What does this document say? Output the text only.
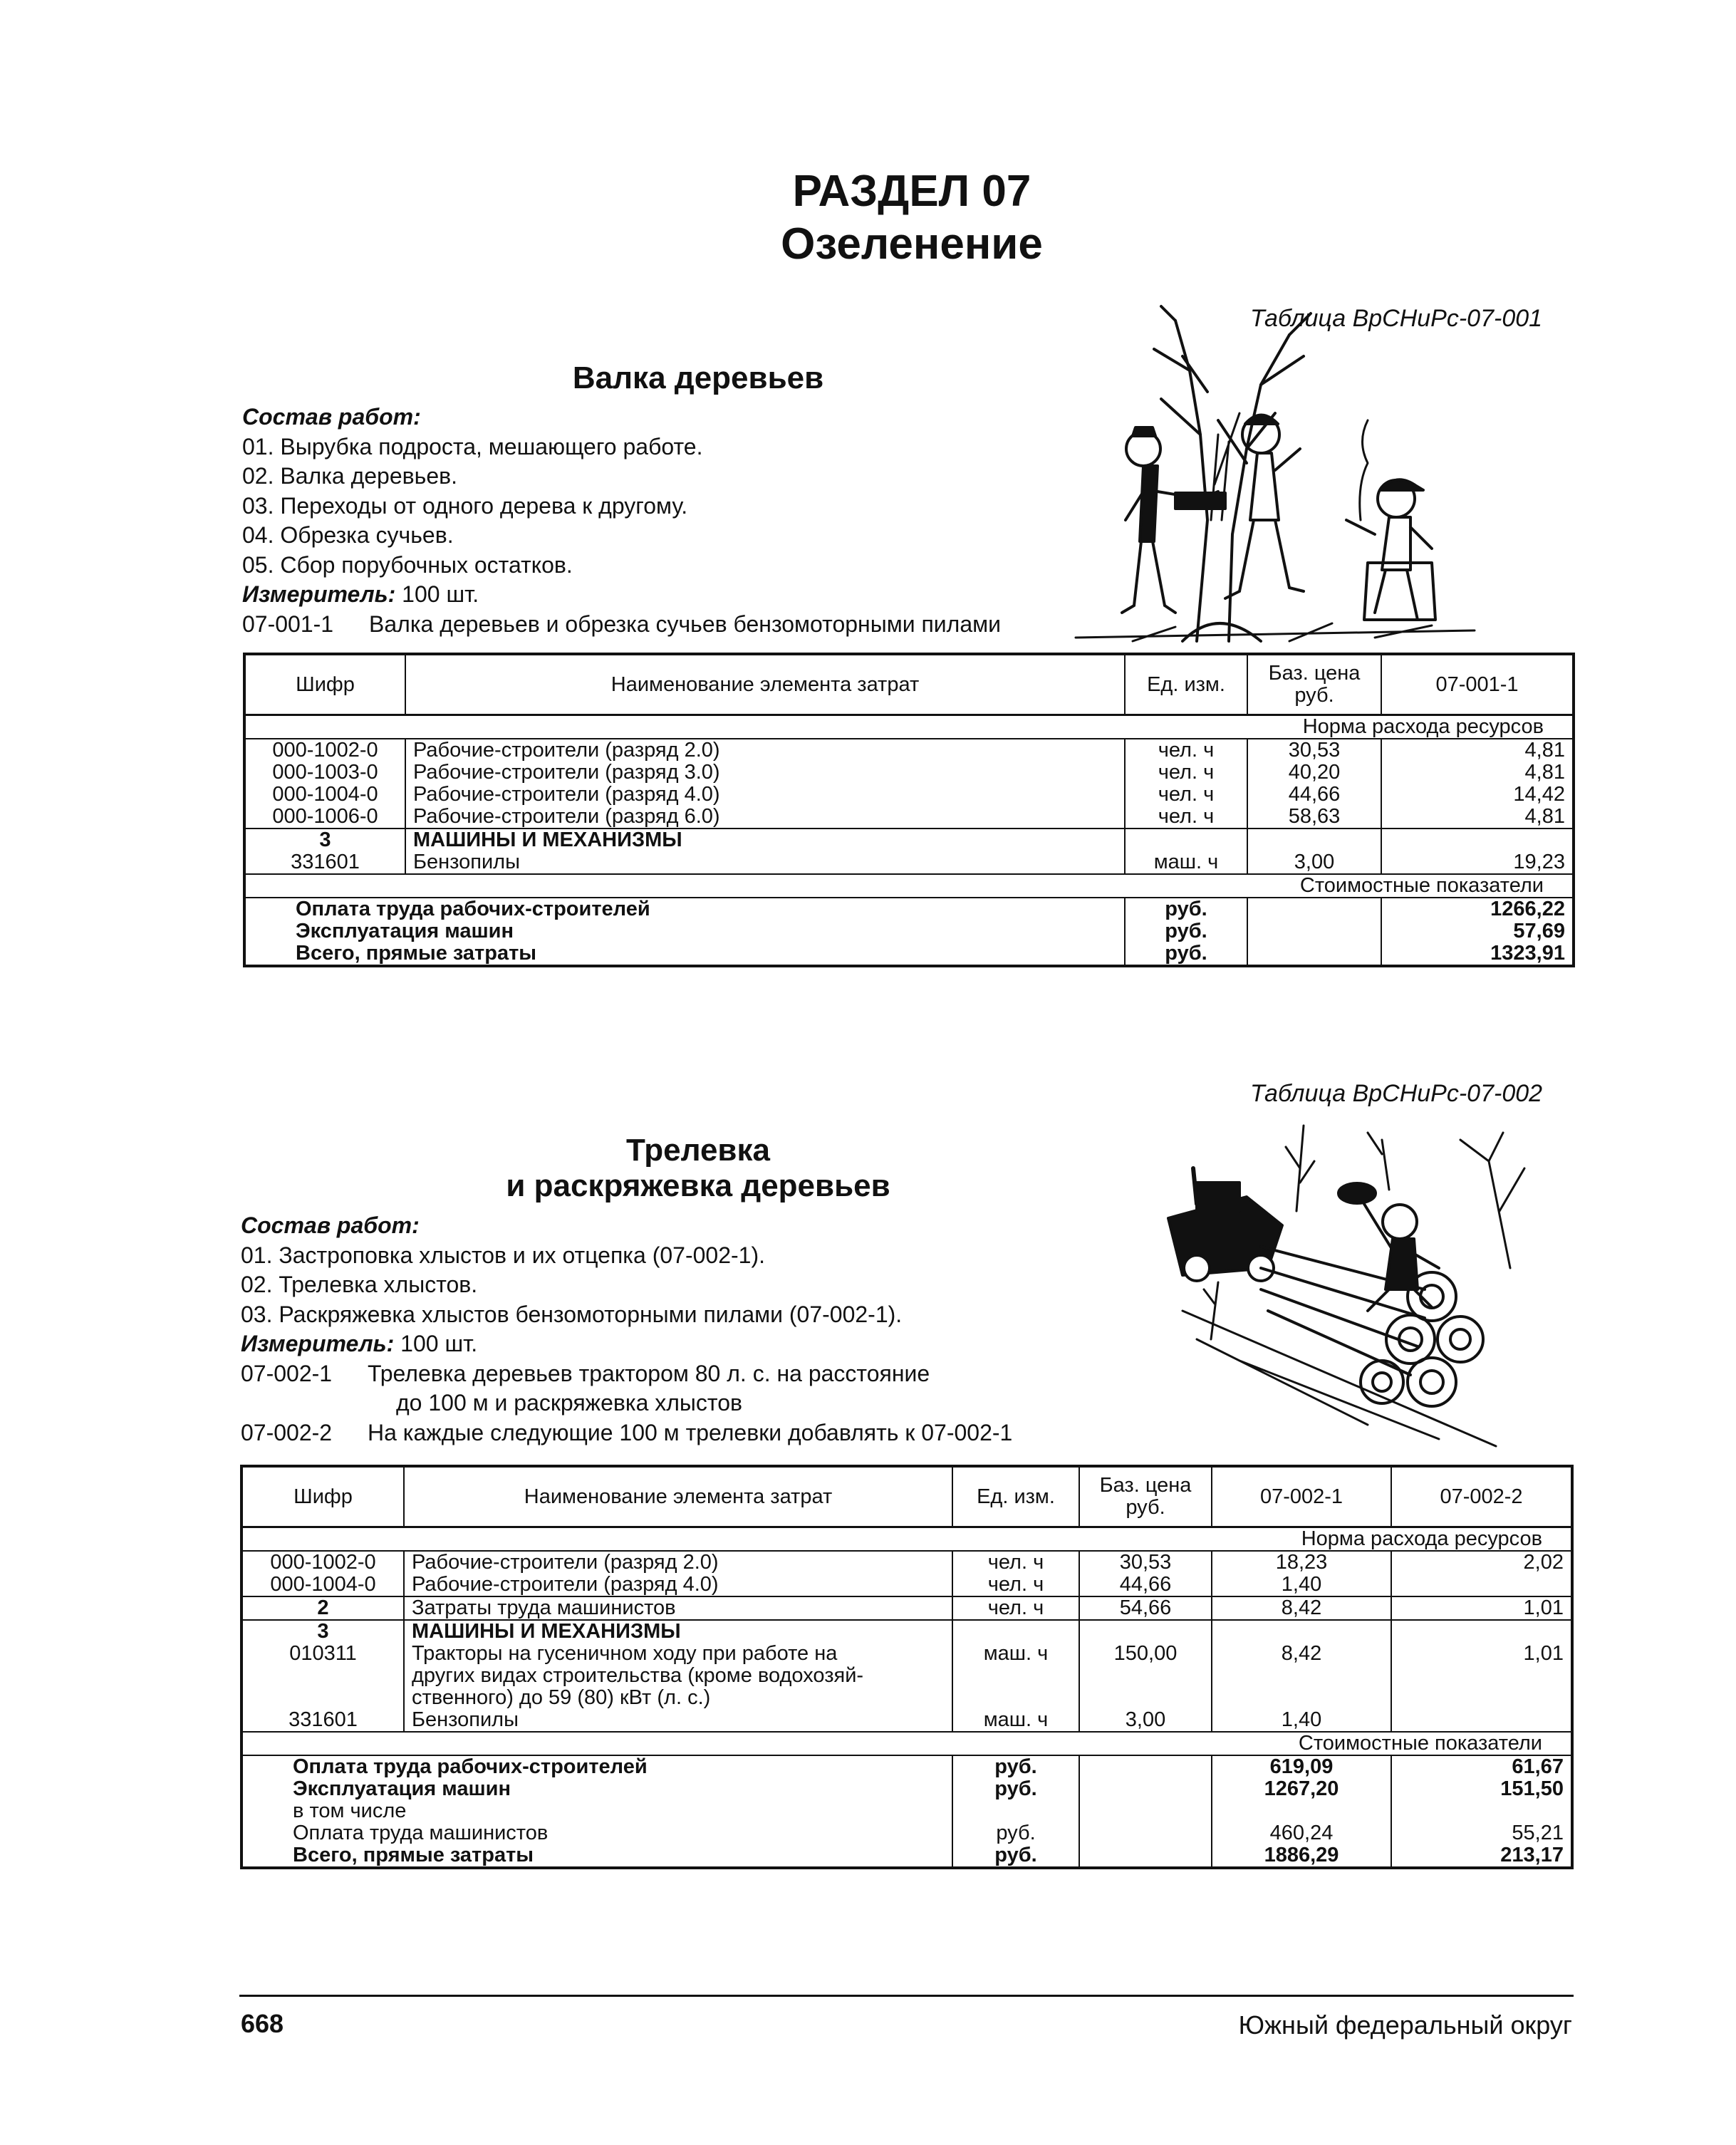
РАЗДЕЛ 07
Озеленение
Таблица ВрСНиРс-07-001
Валка деревьев
Состав работ:
01. Вырубка подроста, мешающего работе.
02. Валка деревьев.
03. Переходы от одного дерева к другому.
04. Обрезка сучьев.
05. Сбор порубочных остатков.
Измеритель: 100 шт.
07-001-1	Валка деревьев и обрезка сучьев бензомоторными пилами
Шифр	Наименование элемента затрат	Ед. изм.	Баз. цена руб.	07-001-1
Норма расхода ресурсов				
000-1002-0	Рабочие-строители (разряд 2.0)	чел. ч	30,53	4,81
000-1003-0	Рабочие-строители (разряд 3.0)	чел. ч	40,20	4,81
000-1004-0	Рабочие-строители (разряд 4.0)	чел. ч	44,66	14,42
000-1006-0	Рабочие-строители (разряд 6.0)	чел. ч	58,63	4,81
3	МАШИНЫ И МЕХАНИЗМЫ			
331601	Бензопилы	маш. ч	3,00	19,23
Стоимостные показатели				
Оплата труда рабочих-строителей		руб.		1266,22
Эксплуатация машин		руб.		57,69
Всего, прямые затраты		руб.		1323,91
Таблица ВрСНиРс-07-002
Трелевка
и раскряжевка деревьев
Состав работ:
01. Застроповка хлыстов и их отцепка (07-002-1).
02. Трелевка хлыстов.
03. Раскряжевка хлыстов бензомоторными пилами (07-002-1).
Измеритель: 100 шт.
07-002-1	Трелевка деревьев трактором 80 л. с. на расстояние
до 100 м и раскряжевка хлыстов
07-002-2	На каждые следующие 100 м трелевки добавлять к 07-002-1
Шифр	Наименование элемента затрат	Ед. изм.	Баз. цена руб.	07-002-1	07-002-2
Норма расхода ресурсов					
000-1002-0	Рабочие-строители (разряд 2.0)	чел. ч	30,53	18,23	2,02
000-1004-0	Рабочие-строители (разряд 4.0)	чел. ч	44,66	1,40	
2	Затраты труда машинистов	чел. ч	54,66	8,42	1,01
3	МАШИНЫ И МЕХАНИЗМЫ				
010311	Тракторы на гусеничном ходу при работе на
других видах строительства (кроме водохозяй-
ственного) до 59 (80) кВт (л. с.)	маш. ч	150,00	8,42	1,01
331601	Бензопилы	маш. ч	3,00	1,40	
Стоимостные показатели					
Оплата труда рабочих-строителей		руб.		619,09	61,67
Эксплуатация машин		руб.		1267,20	151,50
в том числе					
Оплата труда машинистов		руб.		460,24	55,21
Всего, прямые затраты		руб.		1886,29	213,17
668	Южный федеральный округ
